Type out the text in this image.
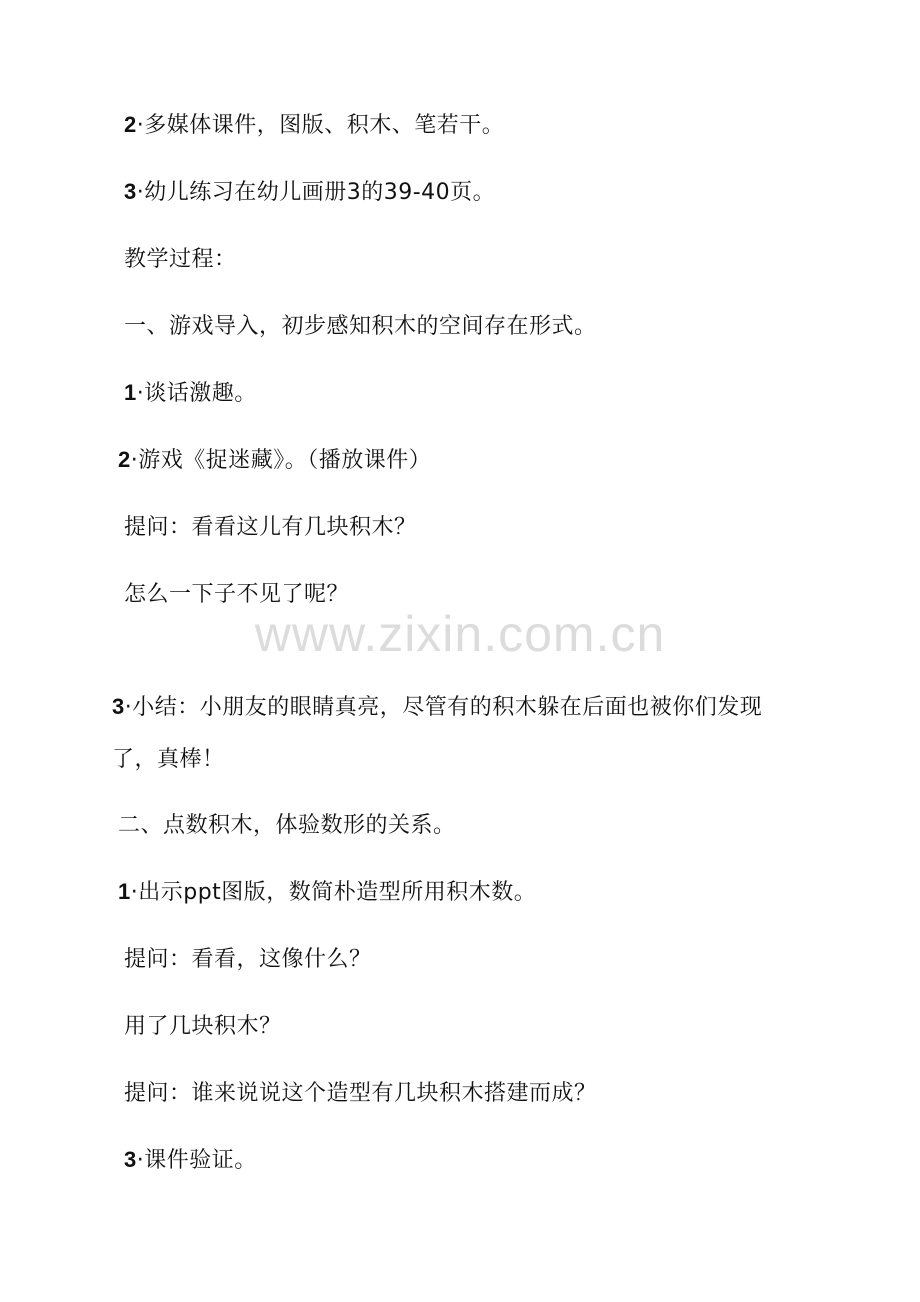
2·多媒体课件，图版、积木、笔若干。
3·幼儿练习在幼儿画册3的39-40页。
教学过程：
一、游戏导入，初步感知积木的空间存在形式。
1·谈话激趣。
2·游戏《捉迷藏》。（播放课件）
提问：看看这儿有几块积木？
怎么一下子不见了呢？
3·小结：小朋友的眼睛真亮，尽管有的积木躲在后面也被你们发现
了，真棒！
二、点数积木，体验数形的关系。
1·出示ppt图版，数简朴造型所用积木数。
提问：看看，这像什么？
用了几块积木？
提问：谁来说说这个造型有几块积木搭建而成？
3·课件验证。
www.zixin.com.cn
